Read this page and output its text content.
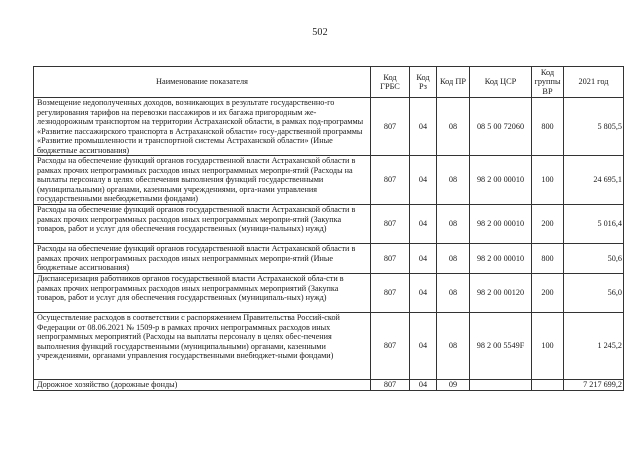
502
Наименование показателя	Код ГРБС	Код Рз	Код ПР	Код ЦСР	Код группы ВР	2021 год
Возмещение недополученных доходов, возникающих в результате государственно-го регулирования тарифов на перевозки пассажиров и их багажа пригородным же-лезнодорожным транспортом на территории Астраханской области, в рамках под-программы «Развитие пассажирского транспорта в Астраханской области» госу-дарственной программы «Развитие промышленности и транспортной системы Астраханской области» (Иные бюджетные ассигнования)	807	04	08	08 5 00 72060	800	5 805,5
Расходы на обеспечение функций органов государственной власти Астраханской области в рамках прочих непрограммных расходов иных непрограммных меропри-ятий (Расходы на выплаты персоналу в целях обеспечения выполнения функций государственными (муниципальными) органами, казенными учреждениями, орга-нами управления государственными внебюджетными фондами)	807	04	08	98 2 00 00010	100	24 695,1
Расходы на обеспечение функций органов государственной власти Астраханской области в рамках прочих непрограммных расходов иных непрограммных меропри-ятий (Закупка товаров, работ и услуг для обеспечения государственных (муници-пальных) нужд)	807	04	08	98 2 00 00010	200	5 016,4
Расходы на обеспечение функций органов государственной власти Астраханской области в рамках прочих непрограммных расходов иных непрограммных меропри-ятий (Иные бюджетные ассигнования)	807	04	08	98 2 00 00010	800	50,6
Диспансеризация работников органов государственной власти Астраханской обла-сти в рамках прочих непрограммных расходов иных непрограммных мероприятий (Закупка товаров, работ и услуг для обеспечения государственных (муниципаль-ных) нужд)	807	04	08	98 2 00 00120	200	56,0
Осуществление расходов в соответствии с распоряжением Правительства Россий-ской Федерации от 08.06.2021 № 1509-р в рамках прочих непрограммных расходов иных непрограммных мероприятий (Расходы на выплаты персоналу в целях обес-печения выполнения функций государственными (муниципальными) органами, казенными учреждениями, органами управления государственными внебюджет-ными фондами)	807	04	08	98 2 00 5549F	100	1 245,2
Дорожное хозяйство (дорожные фонды)	807	04	09			7 217 699,2
